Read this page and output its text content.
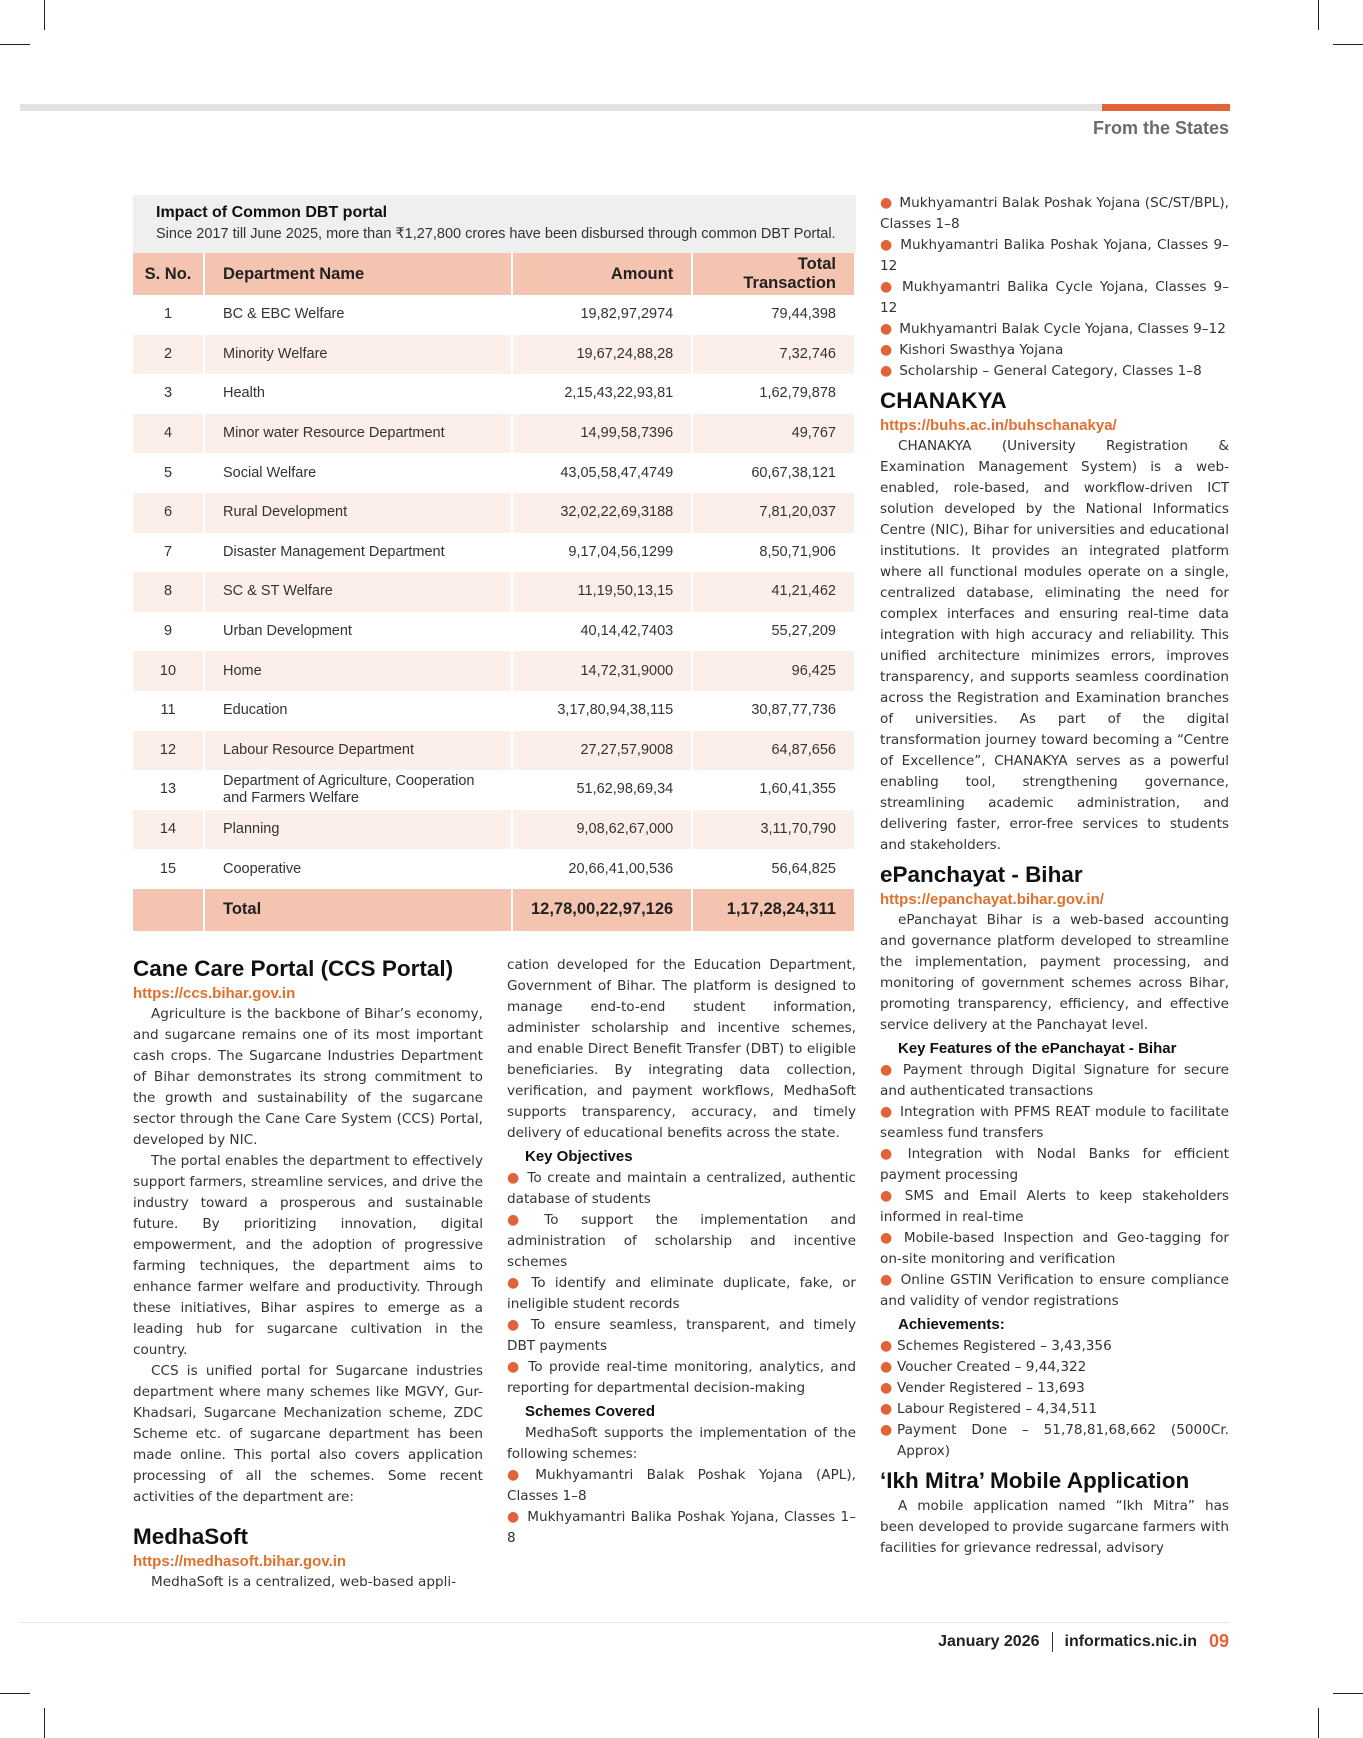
From the States
Impact of Common DBT portal
Since 2017 till June 2025, more than ₹1,27,800 crores have been disbursed through common DBT Portal.
S. No.	Department Name	Amount	Total Transaction
1	BC & EBC Welfare	19,82,97,2974	79,44,398
2	Minority Welfare	19,67,24,88,28	7,32,746
3	Health	2,15,43,22,93,81	1,62,79,878
4	Minor water Resource Department	14,99,58,7396	49,767
5	Social Welfare	43,05,58,47,4749	60,67,38,121
6	Rural Development	32,02,22,69,3188	7,81,20,037
7	Disaster Management Department	9,17,04,56,1299	8,50,71,906
8	SC & ST Welfare	11,19,50,13,15	41,21,462
9	Urban Development	40,14,42,7403	55,27,209
10	Home	14,72,31,9000	96,425
11	Education	3,17,80,94,38,115	30,87,77,736
12	Labour Resource Department	27,27,57,9008	64,87,656
13	Department of Agriculture, Cooperation and Farmers Welfare	51,62,98,69,34	1,60,41,355
14	Planning	9,08,62,67,000	3,11,70,790
15	Cooperative	20,66,41,00,536	56,64,825
	Total	12,78,00,22,97,126	1,17,28,24,311
Cane Care Portal (CCS Portal)
https://ccs.bihar.gov.in

Agriculture is the backbone of Bihar’s economy, and sugarcane remains one of its most important cash crops. The Sugarcane Industries Department of Bihar demonstrates its strong commitment to the growth and sustainability of the sugarcane sector through the Cane Care System (CCS) Portal, developed by NIC.

The portal enables the department to effectively support farmers, streamline services, and drive the industry toward a prosperous and sustainable future. By prioritizing innovation, digital empowerment, and the adoption of progressive farming techniques, the department aims to enhance farmer welfare and productivity. Through these initiatives, Bihar aspires to emerge as a leading hub for sugarcane cultivation in the country.

CCS is unified portal for Sugarcane industries department where many schemes like MGVY, Gur-Khadsari, Sugarcane Mechanization scheme, ZDC Scheme etc. of sugarcane department has been made online. This portal also covers application processing of all the schemes. Some recent activities of the department are:

MedhaSoft
https://medhasoft.bihar.gov.in

MedhaSoft is a centralized, web-based appli-

cation developed for the Education Department, Government of Bihar. The platform is designed to manage end-to-end student information, administer scholarship and incentive schemes, and enable Direct Benefit Transfer (DBT) to eligible beneficiaries. By integrating data collection, verification, and payment workflows, MedhaSoft supports transparency, accuracy, and timely delivery of educational benefits across the state.

Key Objectives
● To create and maintain a centralized, authentic database of students
● To support the implementation and administration of scholarship and incentive schemes
● To identify and eliminate duplicate, fake, or ineligible student records
● To ensure seamless, transparent, and timely DBT payments
● To provide real-time monitoring, analytics, and reporting for departmental decision-making
Schemes Covered

MedhaSoft supports the implementation of the following schemes:

● Mukhyamantri Balak Poshak Yojana (APL), Classes 1–8
● Mukhyamantri Balika Poshak Yojana, Classes 1–8
● Mukhyamantri Balak Poshak Yojana (SC/ST/BPL), Classes 1–8
● Mukhyamantri Balika Poshak Yojana, Classes 9–12
● Mukhyamantri Balika Cycle Yojana, Classes 9–12
● Mukhyamantri Balak Cycle Yojana, Classes 9–12
● Kishori Swasthya Yojana
● Scholarship – General Category, Classes 1–8
CHANAKYA
https://buhs.ac.in/buhschanakya/

CHANAKYA (University Registration & Examination Management System) is a web-enabled, role-based, and workflow-driven ICT solution developed by the National Informatics Centre (NIC), Bihar for universities and educational institutions. It provides an integrated platform where all functional modules operate on a single, centralized database, eliminating the need for complex interfaces and ensuring real-time data integration with high accuracy and reliability. This unified architecture minimizes errors, improves transparency, and supports seamless coordination across the Registration and Examination branches of universities. As part of the digital transformation journey toward becoming a “Centre of Excellence”, CHANAKYA serves as a powerful enabling tool, strengthening governance, streamlining academic administration, and delivering faster, error-free services to students and stakeholders.

ePanchayat - Bihar
https://epanchayat.bihar.gov.in/

ePanchayat Bihar is a web-based accounting and governance platform developed to streamline the implementation, payment processing, and monitoring of government schemes across Bihar, promoting transparency, efficiency, and effective service delivery at the Panchayat level.

Key Features of the ePanchayat - Bihar
● Payment through Digital Signature for secure and authenticated transactions
● Integration with PFMS REAT module to facilitate seamless fund transfers
● Integration with Nodal Banks for efficient payment processing
● SMS and Email Alerts to keep stakeholders informed in real-time
● Mobile-based Inspection and Geo-tagging for on-site monitoring and verification
● Online GSTIN Verification to ensure compliance and validity of vendor registrations
Achievements:
● Schemes Registered – 3,43,356
● Voucher Created – 9,44,322
● Vender Registered – 13,693
● Labour Registered – 4,34,511
● Payment Done – 51,78,81,68,662 (5000Cr. Approx)
‘Ikh Mitra’ Mobile Application

A mobile application named “Ikh Mitra” has been developed to provide sugarcane farmers with facilities for grievance redressal, advisory

January 2026 informatics.nic.in 09
